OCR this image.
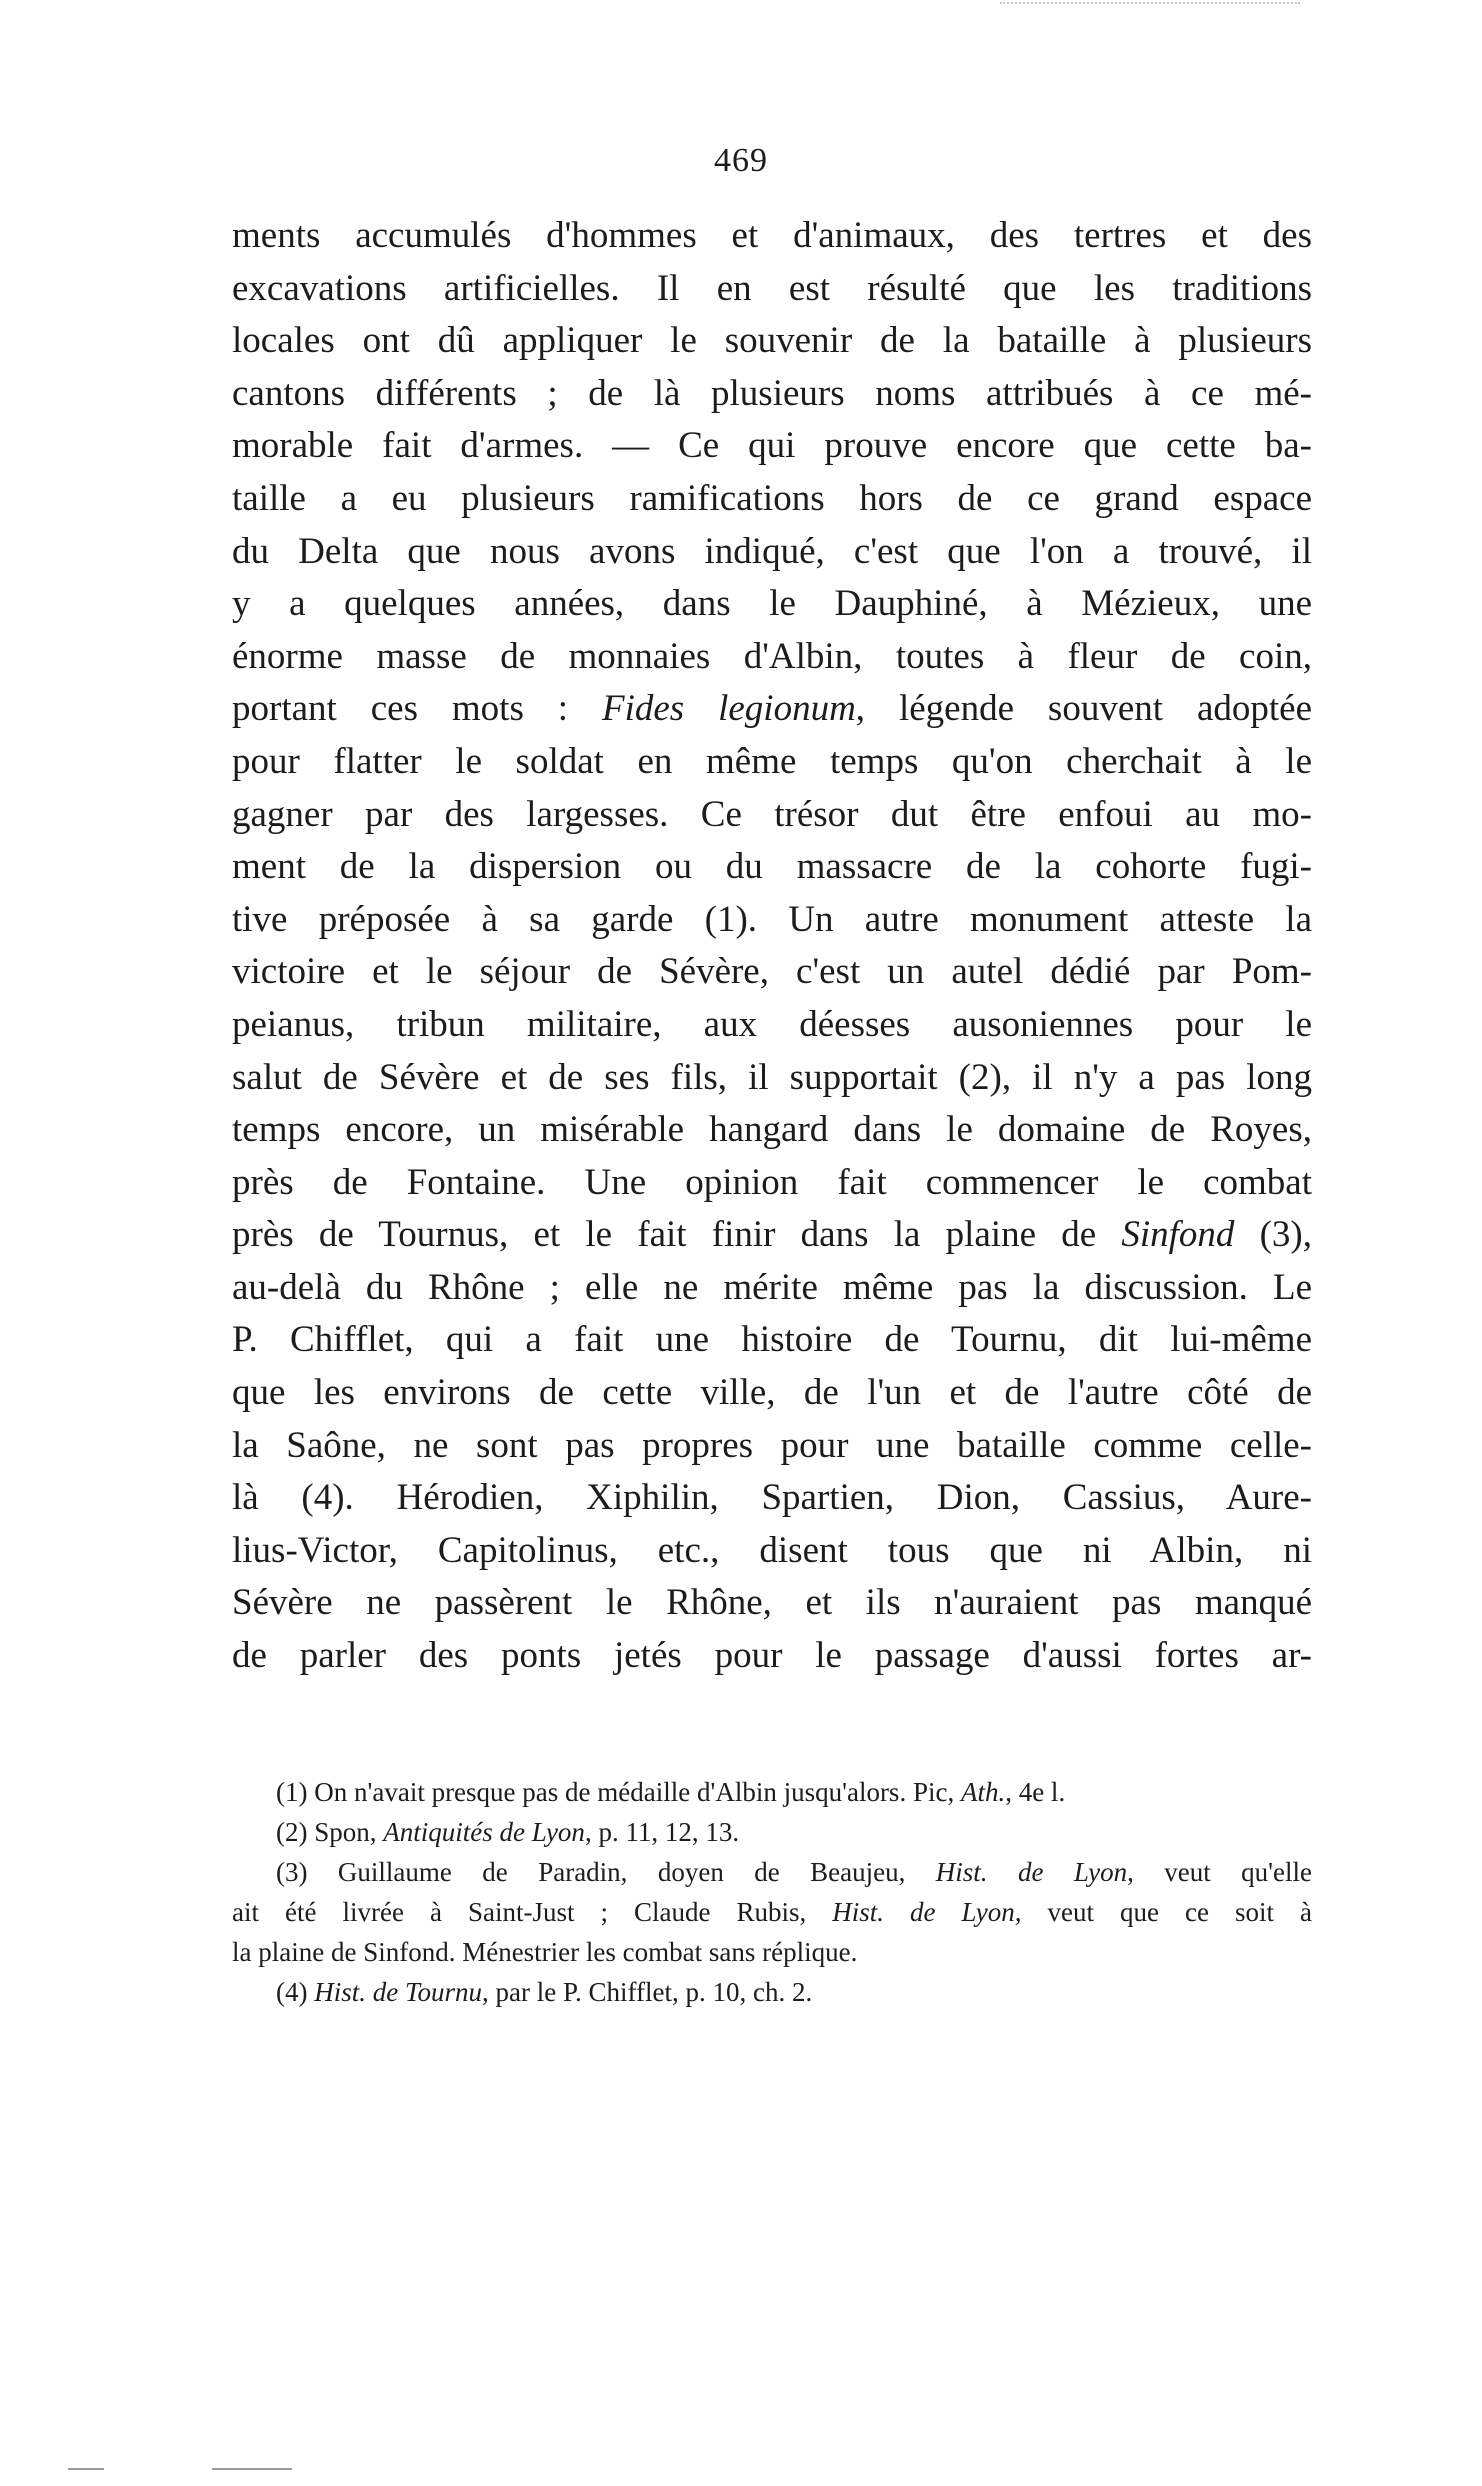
469
ments accumulés d'hommes et d'animaux, des tertres et des
excavations artificielles. Il en est résulté que les traditions
locales ont dû appliquer le souvenir de la bataille à plusieurs
cantons différents ; de là plusieurs noms attribués à ce mé-
morable fait d'armes. — Ce qui prouve encore que cette ba-
taille a eu plusieurs ramifications hors de ce grand espace
du Delta que nous avons indiqué, c'est que l'on a trouvé, il
y a quelques années, dans le Dauphiné, à Mézieux, une
énorme masse de monnaies d'Albin, toutes à fleur de coin,
portant ces mots : Fides legionum, légende souvent adoptée
pour flatter le soldat en même temps qu'on cherchait à le
gagner par des largesses. Ce trésor dut être enfoui au mo-
ment de la dispersion ou du massacre de la cohorte fugi-
tive préposée à sa garde (1). Un autre monument atteste la
victoire et le séjour de Sévère, c'est un autel dédié par Pom-
peianus, tribun militaire, aux déesses ausoniennes pour le
salut de Sévère et de ses fils, il supportait (2), il n'y a pas long
temps encore, un misérable hangard dans le domaine de Royes,
près de Fontaine. Une opinion fait commencer le combat
près de Tournus, et le fait finir dans la plaine de Sinfond (3),
au-delà du Rhône ; elle ne mérite même pas la discussion. Le
P. Chifflet, qui a fait une histoire de Tournu, dit lui-même
que les environs de cette ville, de l'un et de l'autre côté de
la Saône, ne sont pas propres pour une bataille comme celle-
là (4). Hérodien, Xiphilin, Spartien, Dion, Cassius, Aure-
lius-Victor, Capitolinus, etc., disent tous que ni Albin, ni
Sévère ne passèrent le Rhône, et ils n'auraient pas manqué
de parler des ponts jetés pour le passage d'aussi fortes ar-
(1) On n'avait presque pas de médaille d'Albin jusqu'alors. Pic, Ath., 4e l.
(2) Spon, Antiquités de Lyon, p. 11, 12, 13.
(3) Guillaume de Paradin, doyen de Beaujeu, Hist. de Lyon, veut qu'elle
ait été livrée à Saint-Just ; Claude Rubis, Hist. de Lyon, veut que ce soit à
la plaine de Sinfond. Ménestrier les combat sans réplique.
(4) Hist. de Tournu, par le P. Chifflet, p. 10, ch. 2.
